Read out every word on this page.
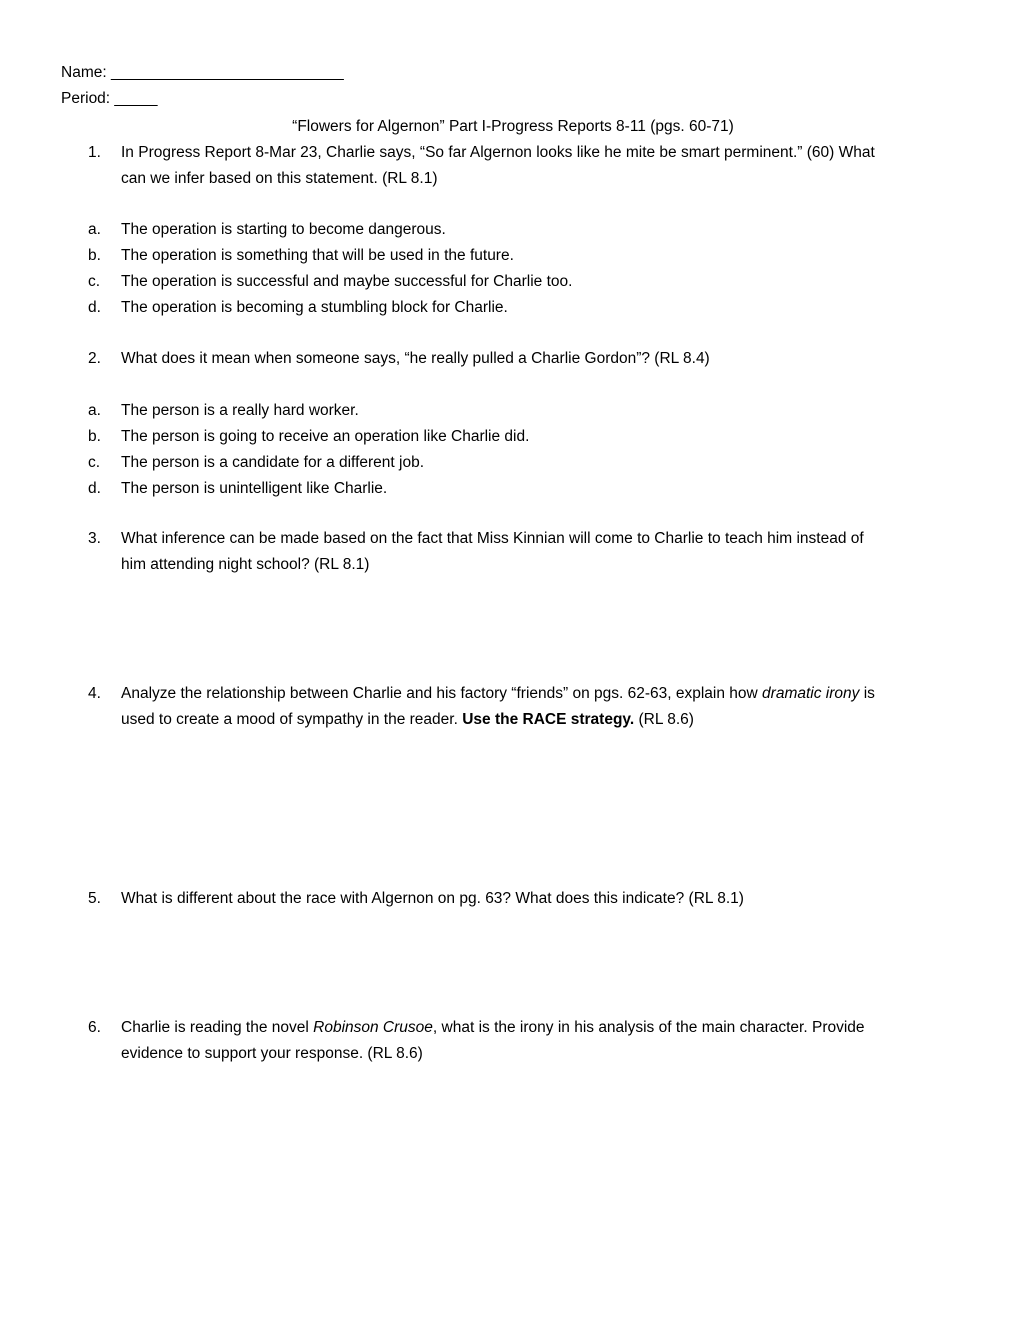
Name: ___________________________
Period: _____
“Flowers for Algernon” Part I-Progress Reports 8-11 (pgs. 60-71)
1.	In Progress Report 8-Mar 23, Charlie says, “So far Algernon looks like he mite be smart perminent.” (60) What
can we infer based on this statement. (RL 8.1)
a.	The operation is starting to become dangerous.
b.	The operation is something that will be used in the future.
c.	The operation is successful and maybe successful for Charlie too.
d.	The operation is becoming a stumbling block for Charlie.
2.	What does it mean when someone says, “he really pulled a Charlie Gordon”? (RL 8.4)
a.	The person is a really hard worker.
b.	The person is going to receive an operation like Charlie did.
c.	The person is a candidate for a different job.
d.	The person is unintelligent like Charlie.
3.	What inference can be made based on the fact that Miss Kinnian will come to Charlie to teach him instead of
him attending night school? (RL 8.1)
4.	Analyze the relationship between Charlie and his factory “friends” on pgs. 62-63, explain how dramatic irony is
used to create a mood of sympathy in the reader. Use the RACE strategy. (RL 8.6)
5.	What is different about the race with Algernon on pg. 63? What does this indicate? (RL 8.1)
6.	Charlie is reading the novel Robinson Crusoe, what is the irony in his analysis of the main character. Provide
evidence to support your response. (RL 8.6)
